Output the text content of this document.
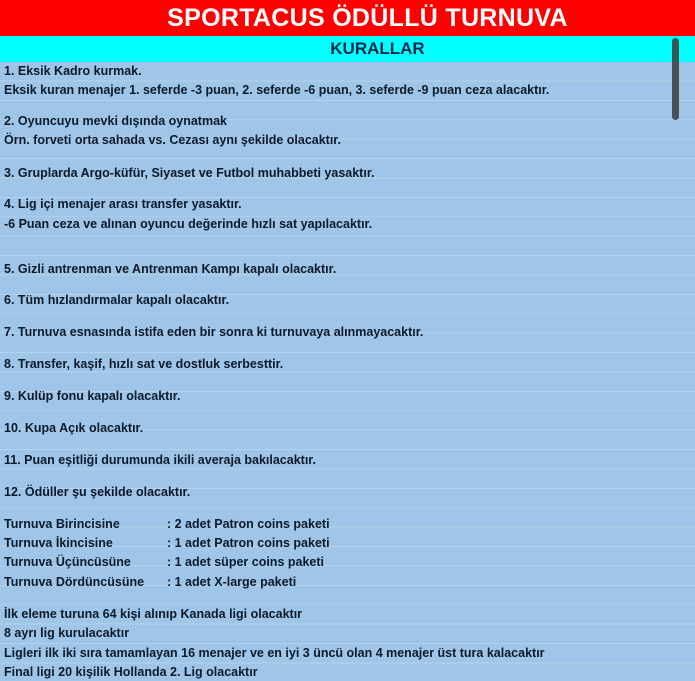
SPORTACUS ÖDÜLLÜ TURNUVA
KURALLAR
1. Eksik Kadro kurmak.
Eksik kuran menajer 1. seferde -3 puan, 2. seferde -6 puan, 3. seferde -9 puan ceza alacaktır.
2. Oyuncuyu mevki dışında oynatmak
Örn. forveti orta sahada vs. Cezası aynı şekilde olacaktır.
3. Gruplarda Argo-küfür, Siyaset ve Futbol muhabbeti yasaktır.
4. Lig içi menajer arası transfer yasaktır.
-6 Puan ceza ve alınan oyuncu değerinde hızlı sat yapılacaktır.
5. Gizli antrenman ve Antrenman Kampı kapalı olacaktır.
6. Tüm hızlandırmalar kapalı olacaktır.
7. Turnuva esnasında istifa eden bir sonra ki turnuvaya alınmayacaktır.
8. Transfer, kaşif, hızlı sat ve dostluk serbesttir.
9. Kulüp fonu kapalı olacaktır.
10. Kupa Açık olacaktır.
11. Puan eşitliği durumunda ikili averaja bakılacaktır.
12. Ödüller şu şekilde olacaktır.
Turnuva Birincisine	: 2 adet Patron coins paketi
Turnuva İkincisine	: 1 adet Patron coins paketi
Turnuva Üçüncüsüne	: 1 adet süper coins paketi
Turnuva Dördüncüsüne : 1 adet X-large paketi
İlk eleme turuna 64 kişi alınıp Kanada ligi olacaktır
8 ayrı lig kurulacaktır
Ligleri ilk iki sıra tamamlayan 16 menajer ve en iyi 3 üncü olan 4 menajer üst tura kalacaktır
Final ligi 20 kişilik Hollanda 2. Lig olacaktır
